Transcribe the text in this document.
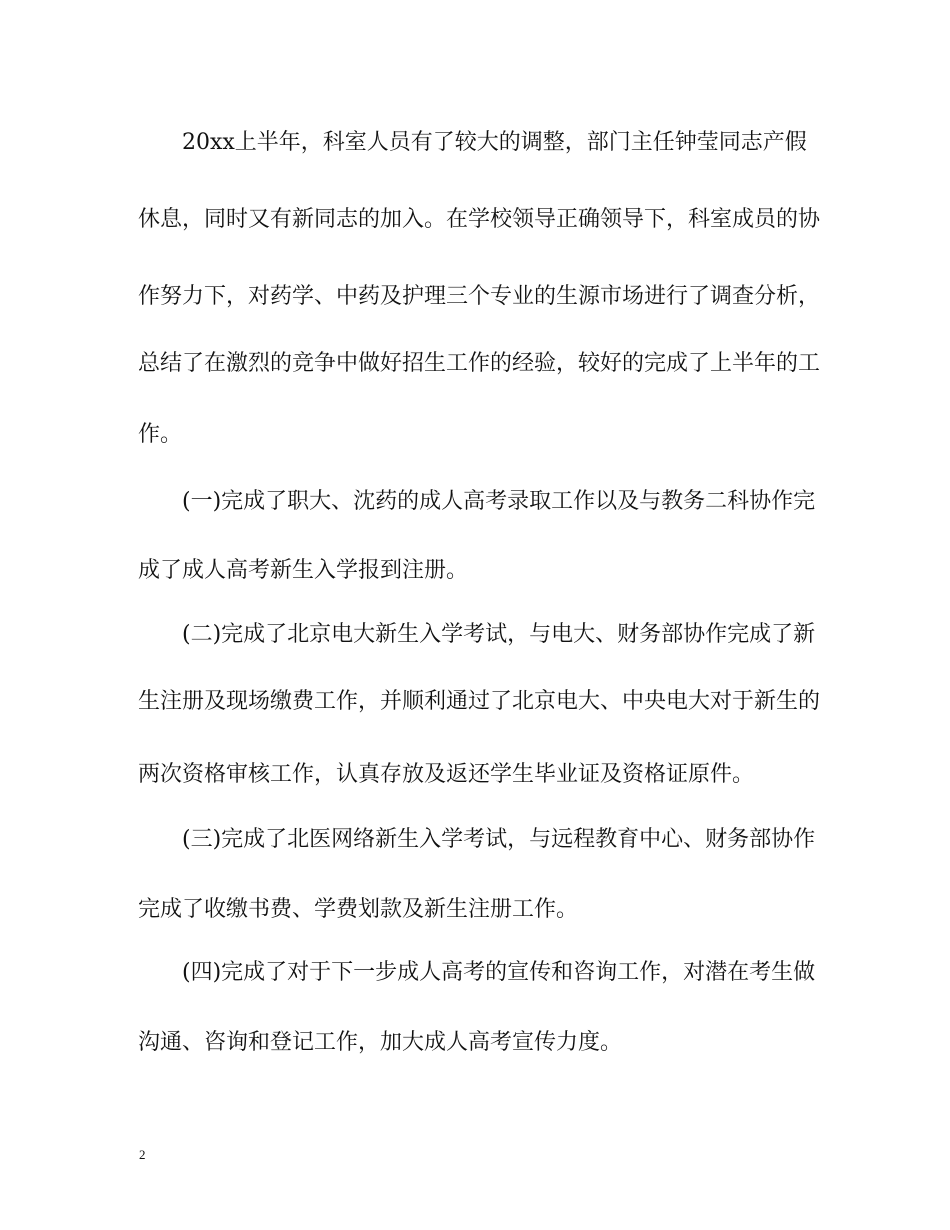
20xx上半年，科室人员有了较大的调整，部门主任钟莹同志产假
休息，同时又有新同志的加入。在学校领导正确领导下，科室成员的协
作努力下，对药学、中药及护理三个专业的生源市场进行了调查分析，
总结了在激烈的竞争中做好招生工作的经验，较好的完成了上半年的工
作。
(一)完成了职大、沈药的成人高考录取工作以及与教务二科协作完
成了成人高考新生入学报到注册。
(二)完成了北京电大新生入学考试，与电大、财务部协作完成了新
生注册及现场缴费工作，并顺利通过了北京电大、中央电大对于新生的
两次资格审核工作，认真存放及返还学生毕业证及资格证原件。
(三)完成了北医网络新生入学考试，与远程教育中心、财务部协作
完成了收缴书费、学费划款及新生注册工作。
(四)完成了对于下一步成人高考的宣传和咨询工作，对潜在考生做
沟通、咨询和登记工作，加大成人高考宣传力度。
2
